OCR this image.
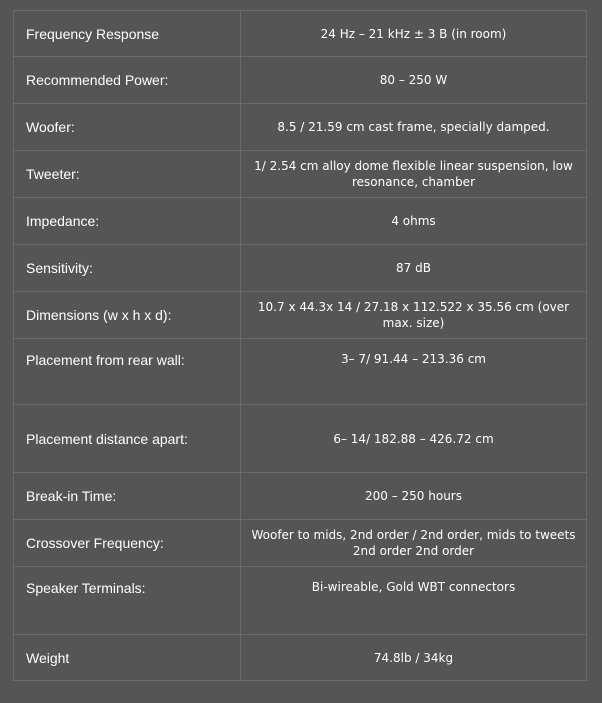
Frequency Response	24 Hz – 21 kHz ± 3 B (in room)
Recommended Power:	80 – 250 W
Woofer:	8.5 / 21.59 cm cast frame, specially damped.
Tweeter:	1/ 2.54 cm alloy dome flexible linear suspension, low resonance, chamber
Impedance:	4 ohms
Sensitivity:	87 dB
Dimensions (w x h x d):	10.7 x 44.3x 14 / 27.18 x 112.522 x 35.56 cm (over max. size)
Placement from rear wall:	3– 7/ 91.44 – 213.36 cm
Placement distance apart:	6– 14/ 182.88 – 426.72 cm
Break-in Time:	200 – 250 hours
Crossover Frequency:	Woofer to mids, 2nd order / 2nd order, mids to tweets 2nd order 2nd order
Speaker Terminals:	Bi-wireable, Gold WBT connectors
Weight	74.8lb / 34kg
